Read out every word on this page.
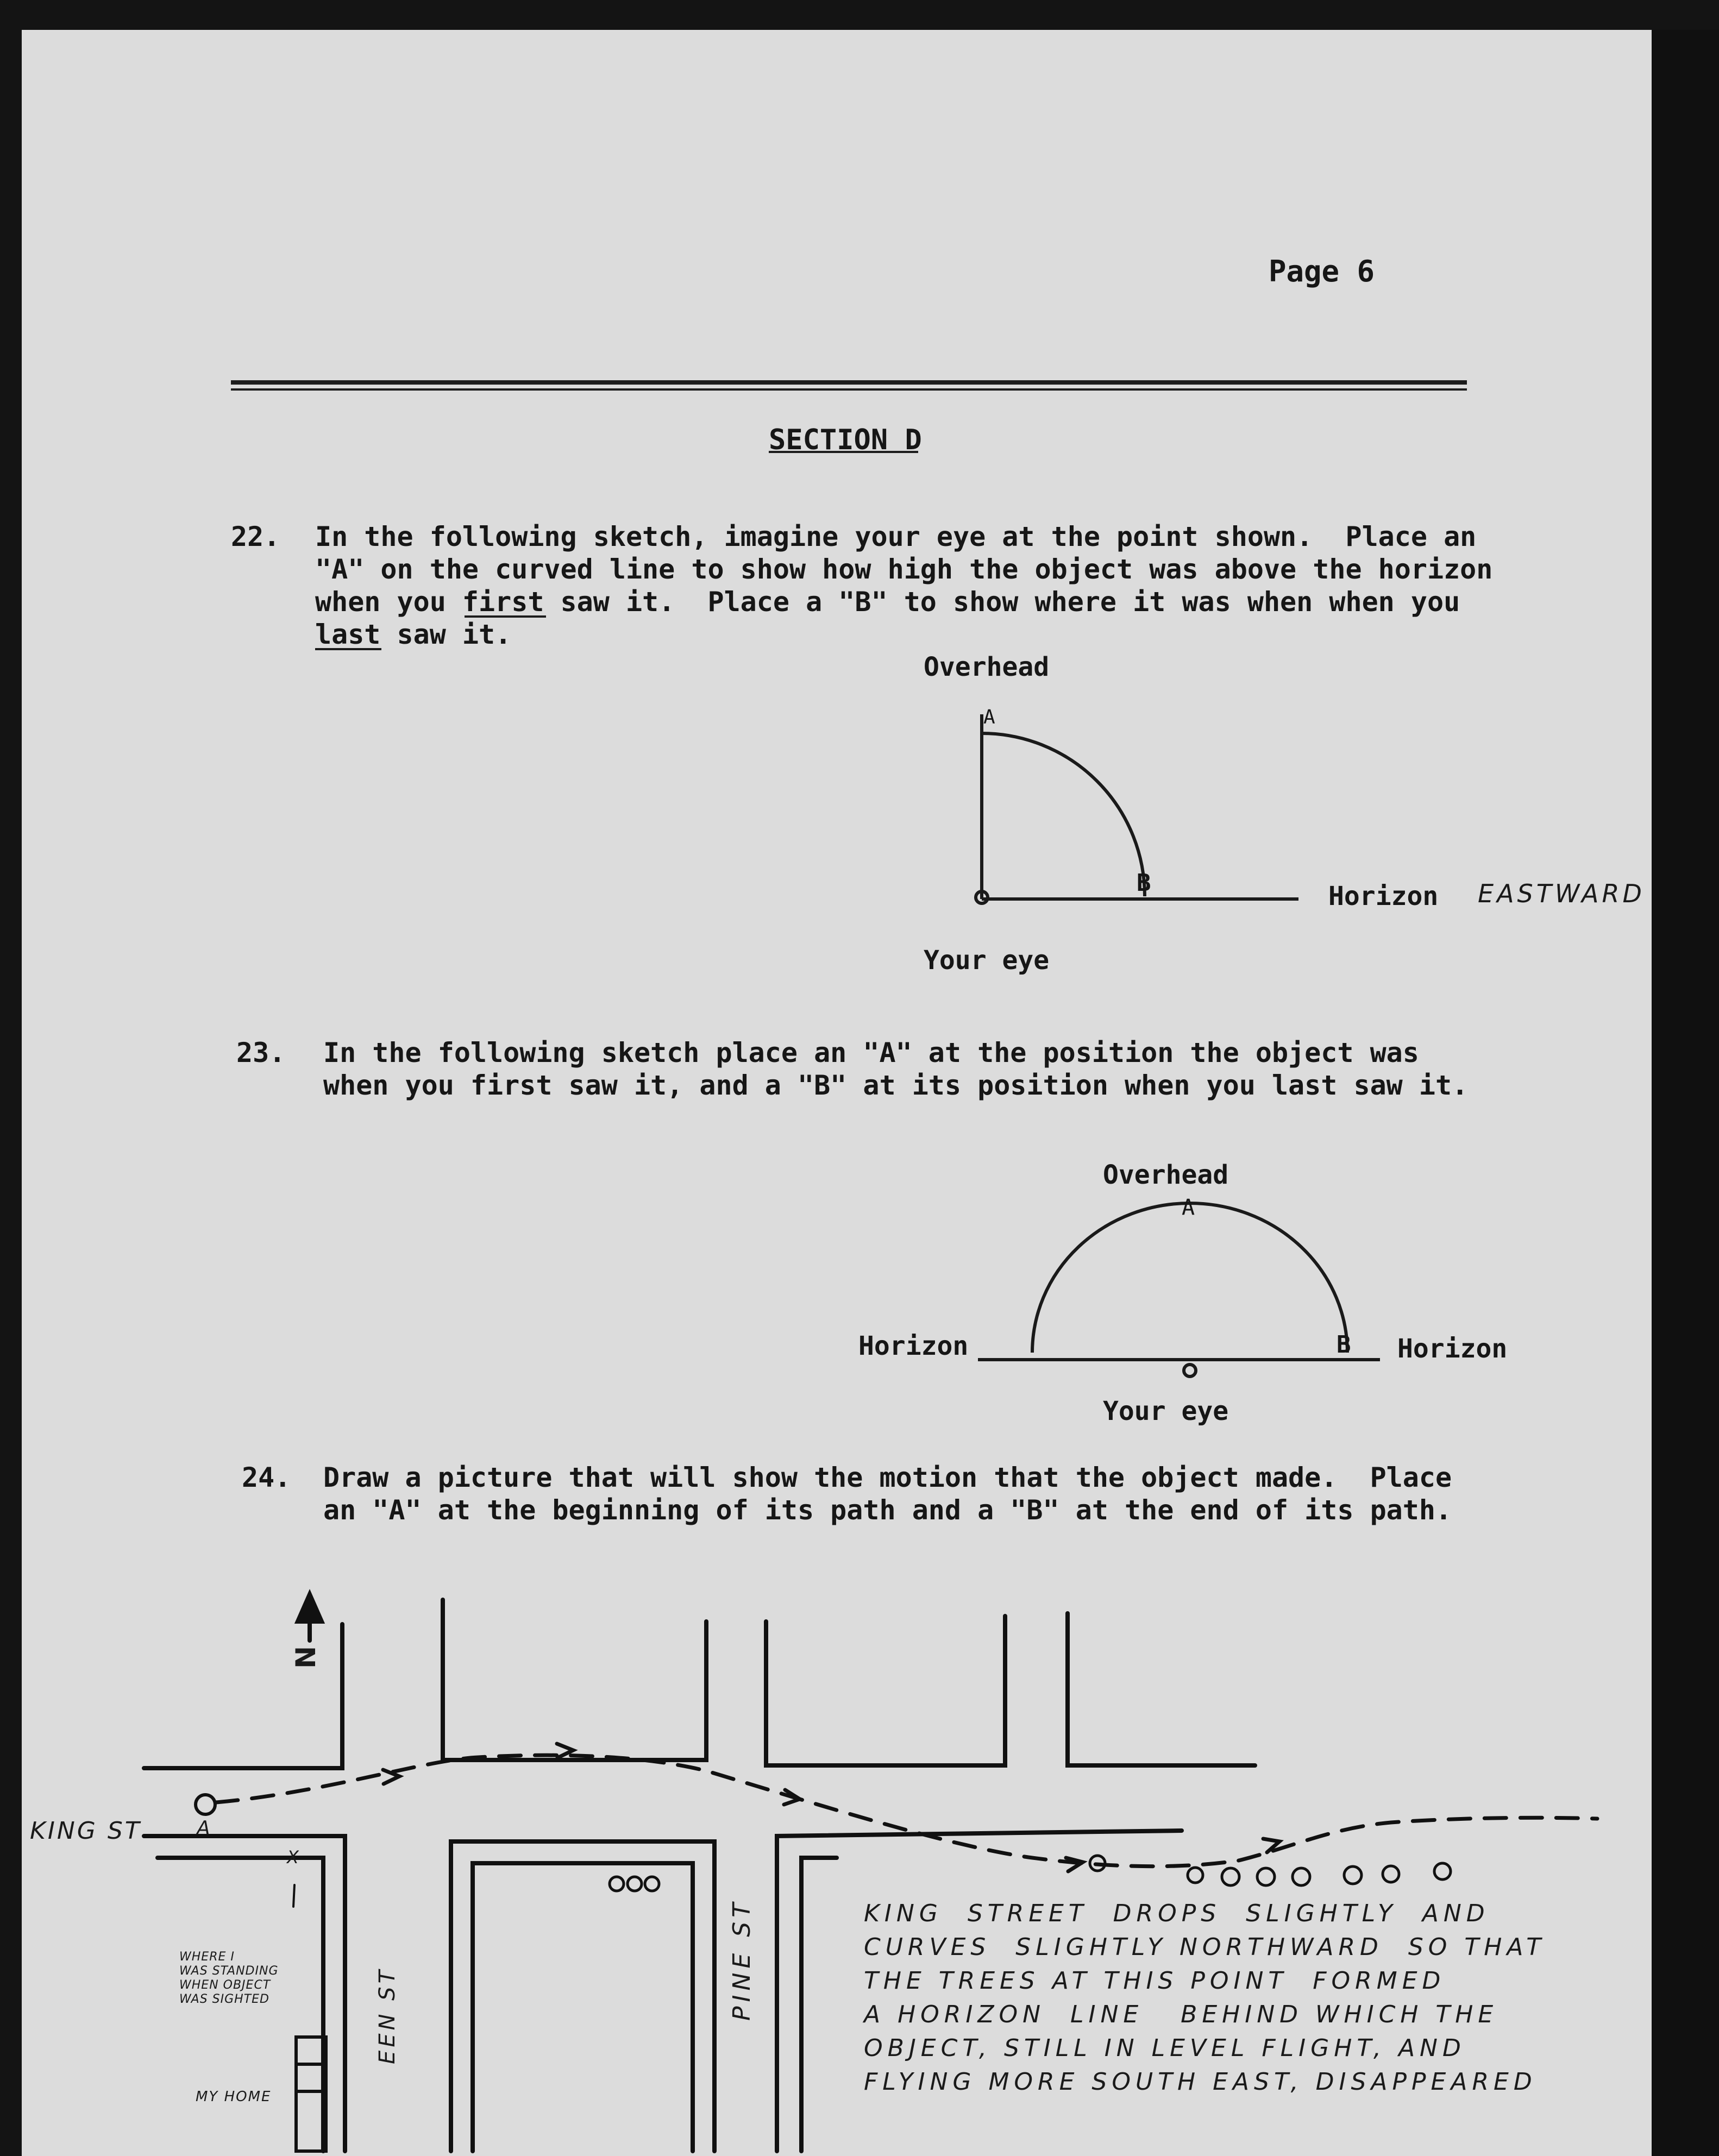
Page 6
SECTION D
22. In the following sketch, imagine your eye at the point shown.  Place an
"A" on the curved line to show how high the object was above the horizon
when you first saw it.  Place a "B" to show where it was when when you
last saw it.
Overhead
Horizon
Your eye
A
B	EASTWARD
23. In the following sketch place an "A" at the position the object was
when you first saw it, and a "B" at its position when you last saw it.
Overhead
Horizon	Horizon
Your eye
A
B
24. Draw a picture that will show the motion that the object made.  Place
an "A" at the beginning of its path and a "B" at the end of its path.
N
KING ST	A
X
WHERE I
WAS STANDING
WHEN OBJECT
WAS SIGHTED
MY HOME
EEN ST	PINE ST	KING  STREET  DROPS  SLIGHTLY  AND
CURVES  SLIGHTLY NORTHWARD  SO THAT
THE TREES AT THIS POINT  FORMED
A HORIZON  LINE   BEHIND WHICH THE
OBJECT, STILL IN LEVEL FLIGHT, AND
FLYING MORE SOUTH EAST, DISAPPEARED
